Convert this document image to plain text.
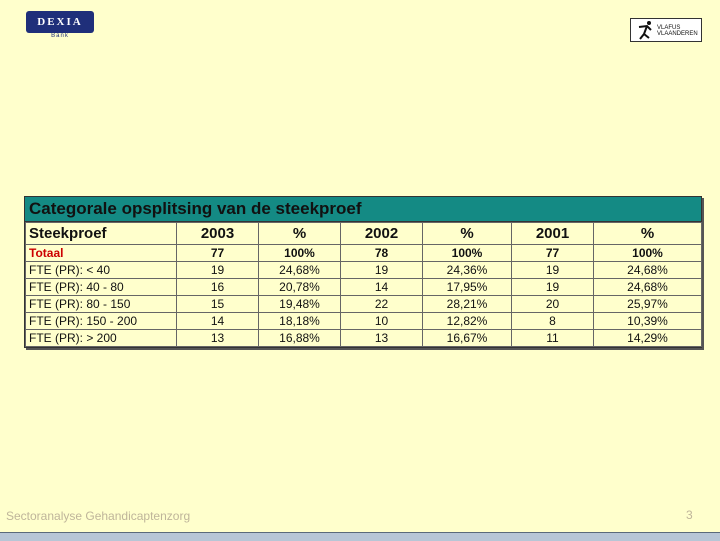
DEXIA
Bank
VLAFUS
VLAANDEREN
Categorale opsplitsing van de steekproef
Steekproef	2003	%	2002	%	2001	%
Totaal	77	100%	78	100%	77	100%
FTE (PR): < 40	19	24,68%	19	24,36%	19	24,68%
FTE (PR): 40 - 80	16	20,78%	14	17,95%	19	24,68%
FTE (PR): 80 - 150	15	19,48%	22	28,21%	20	25,97%
FTE (PR): 150 - 200	14	18,18%	10	12,82%	8	10,39%
FTE (PR): > 200	13	16,88%	13	16,67%	11	14,29%
Sectoranalyse Gehandicaptenzorg	3
